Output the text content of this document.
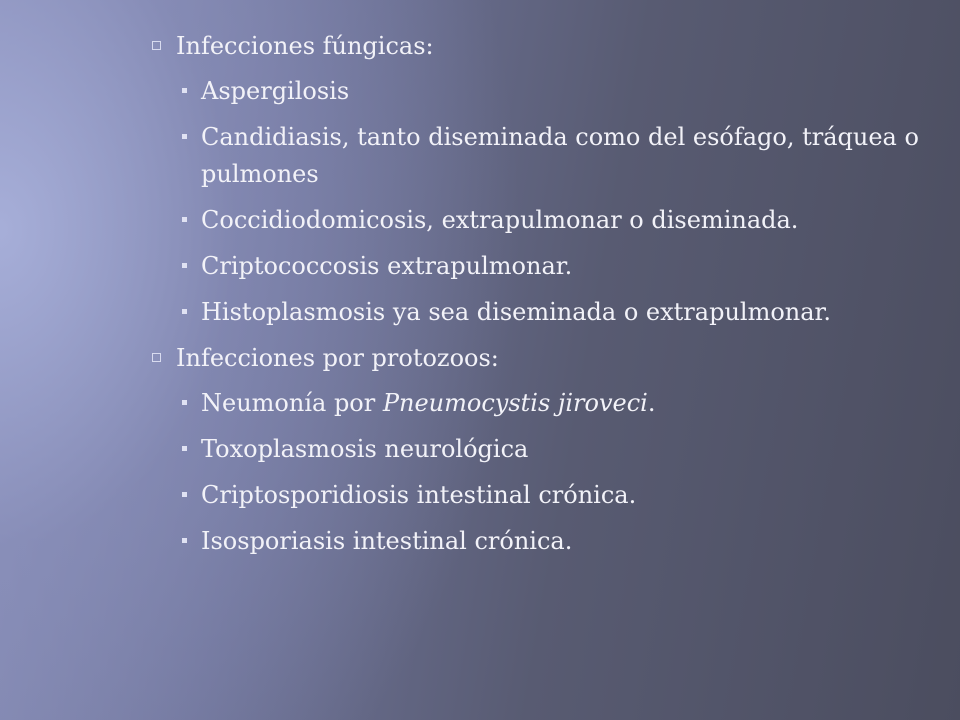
Infecciones fúngicas:
Aspergilosis
Candidiasis, tanto diseminada como del esófago, tráquea o pulmones
Coccidiodomicosis, extrapulmonar o diseminada.
Criptococcosis extrapulmonar.
Histoplasmosis ya sea diseminada o extrapulmonar.
Infecciones por protozoos:
Neumonía por Pneumocystis jiroveci.
Toxoplasmosis neurológica
Criptosporidiosis intestinal crónica.
Isosporiasis intestinal crónica.
